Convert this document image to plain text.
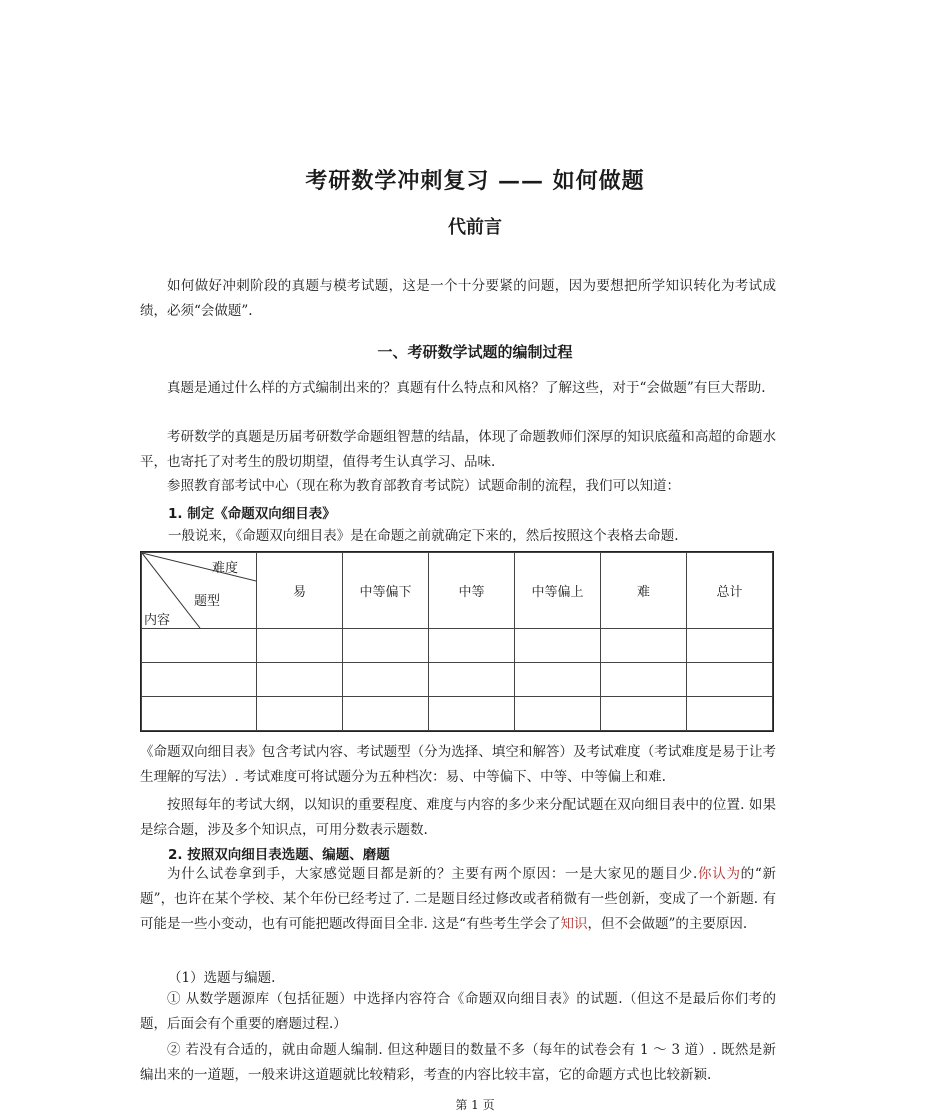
考研数学冲刺复习 —— 如何做题
代前言

如何做好冲刺阶段的真题与模考试题，这是一个十分要紧的问题，因为要想把所学知识转化为考试成绩，必须“会做题”.

一、考研数学试题的编制过程

真题是通过什么样的方式编制出来的？真题有什么特点和风格？了解这些，对于“会做题”有巨大帮助.

考研数学的真题是历届考研数学命题组智慧的结晶，体现了命题教师们深厚的知识底蕴和高超的命题水平，也寄托了对考生的殷切期望，值得考生认真学习、品味.

参照教育部考试中心（现在称为教育部教育考试院）试题命制的流程，我们可以知道：

1. 制定《命题双向细目表》
一般说来，《命题双向细目表》是在命题之前就确定下来的，然后按照这个表格去命题.
难度
题型
内容	易	中等偏下	中等	中等偏上	难	总计

《命题双向细目表》包含考试内容、考试题型（分为选择、填空和解答）及考试难度（考试难度是易于让考生理解的写法）. 考试难度可将试题分为五种档次：易、中等偏下、中等、中等偏上和难.

按照每年的考试大纲，以知识的重要程度、难度与内容的多少来分配试题在双向细目表中的位置. 如果是综合题，涉及多个知识点，可用分数表示题数.

2. 按照双向细目表选题、编题、磨题

为什么试卷拿到手，大家感觉题目都是新的？主要有两个原因：一是大家见的题目少.你认为的“新题”，也许在某个学校、某个年份已经考过了. 二是题目经过修改或者稍微有一些创新，变成了一个新题. 有可能是一些小变动，也有可能把题改得面目全非. 这是“有些考生学会了知识，但不会做题”的主要原因.

（1）选题与编题.

① 从数学题源库（包括征题）中选择内容符合《命题双向细目表》的试题.（但这不是最后你们考的题，后面会有个重要的磨题过程.）

② 若没有合适的，就由命题人编制. 但这种题目的数量不多（每年的试卷会有 1 ～ 3 道）. 既然是新编出来的一道题，一般来讲这道题就比较精彩，考查的内容比较丰富，它的命题方式也比较新颖.

第 1 页
